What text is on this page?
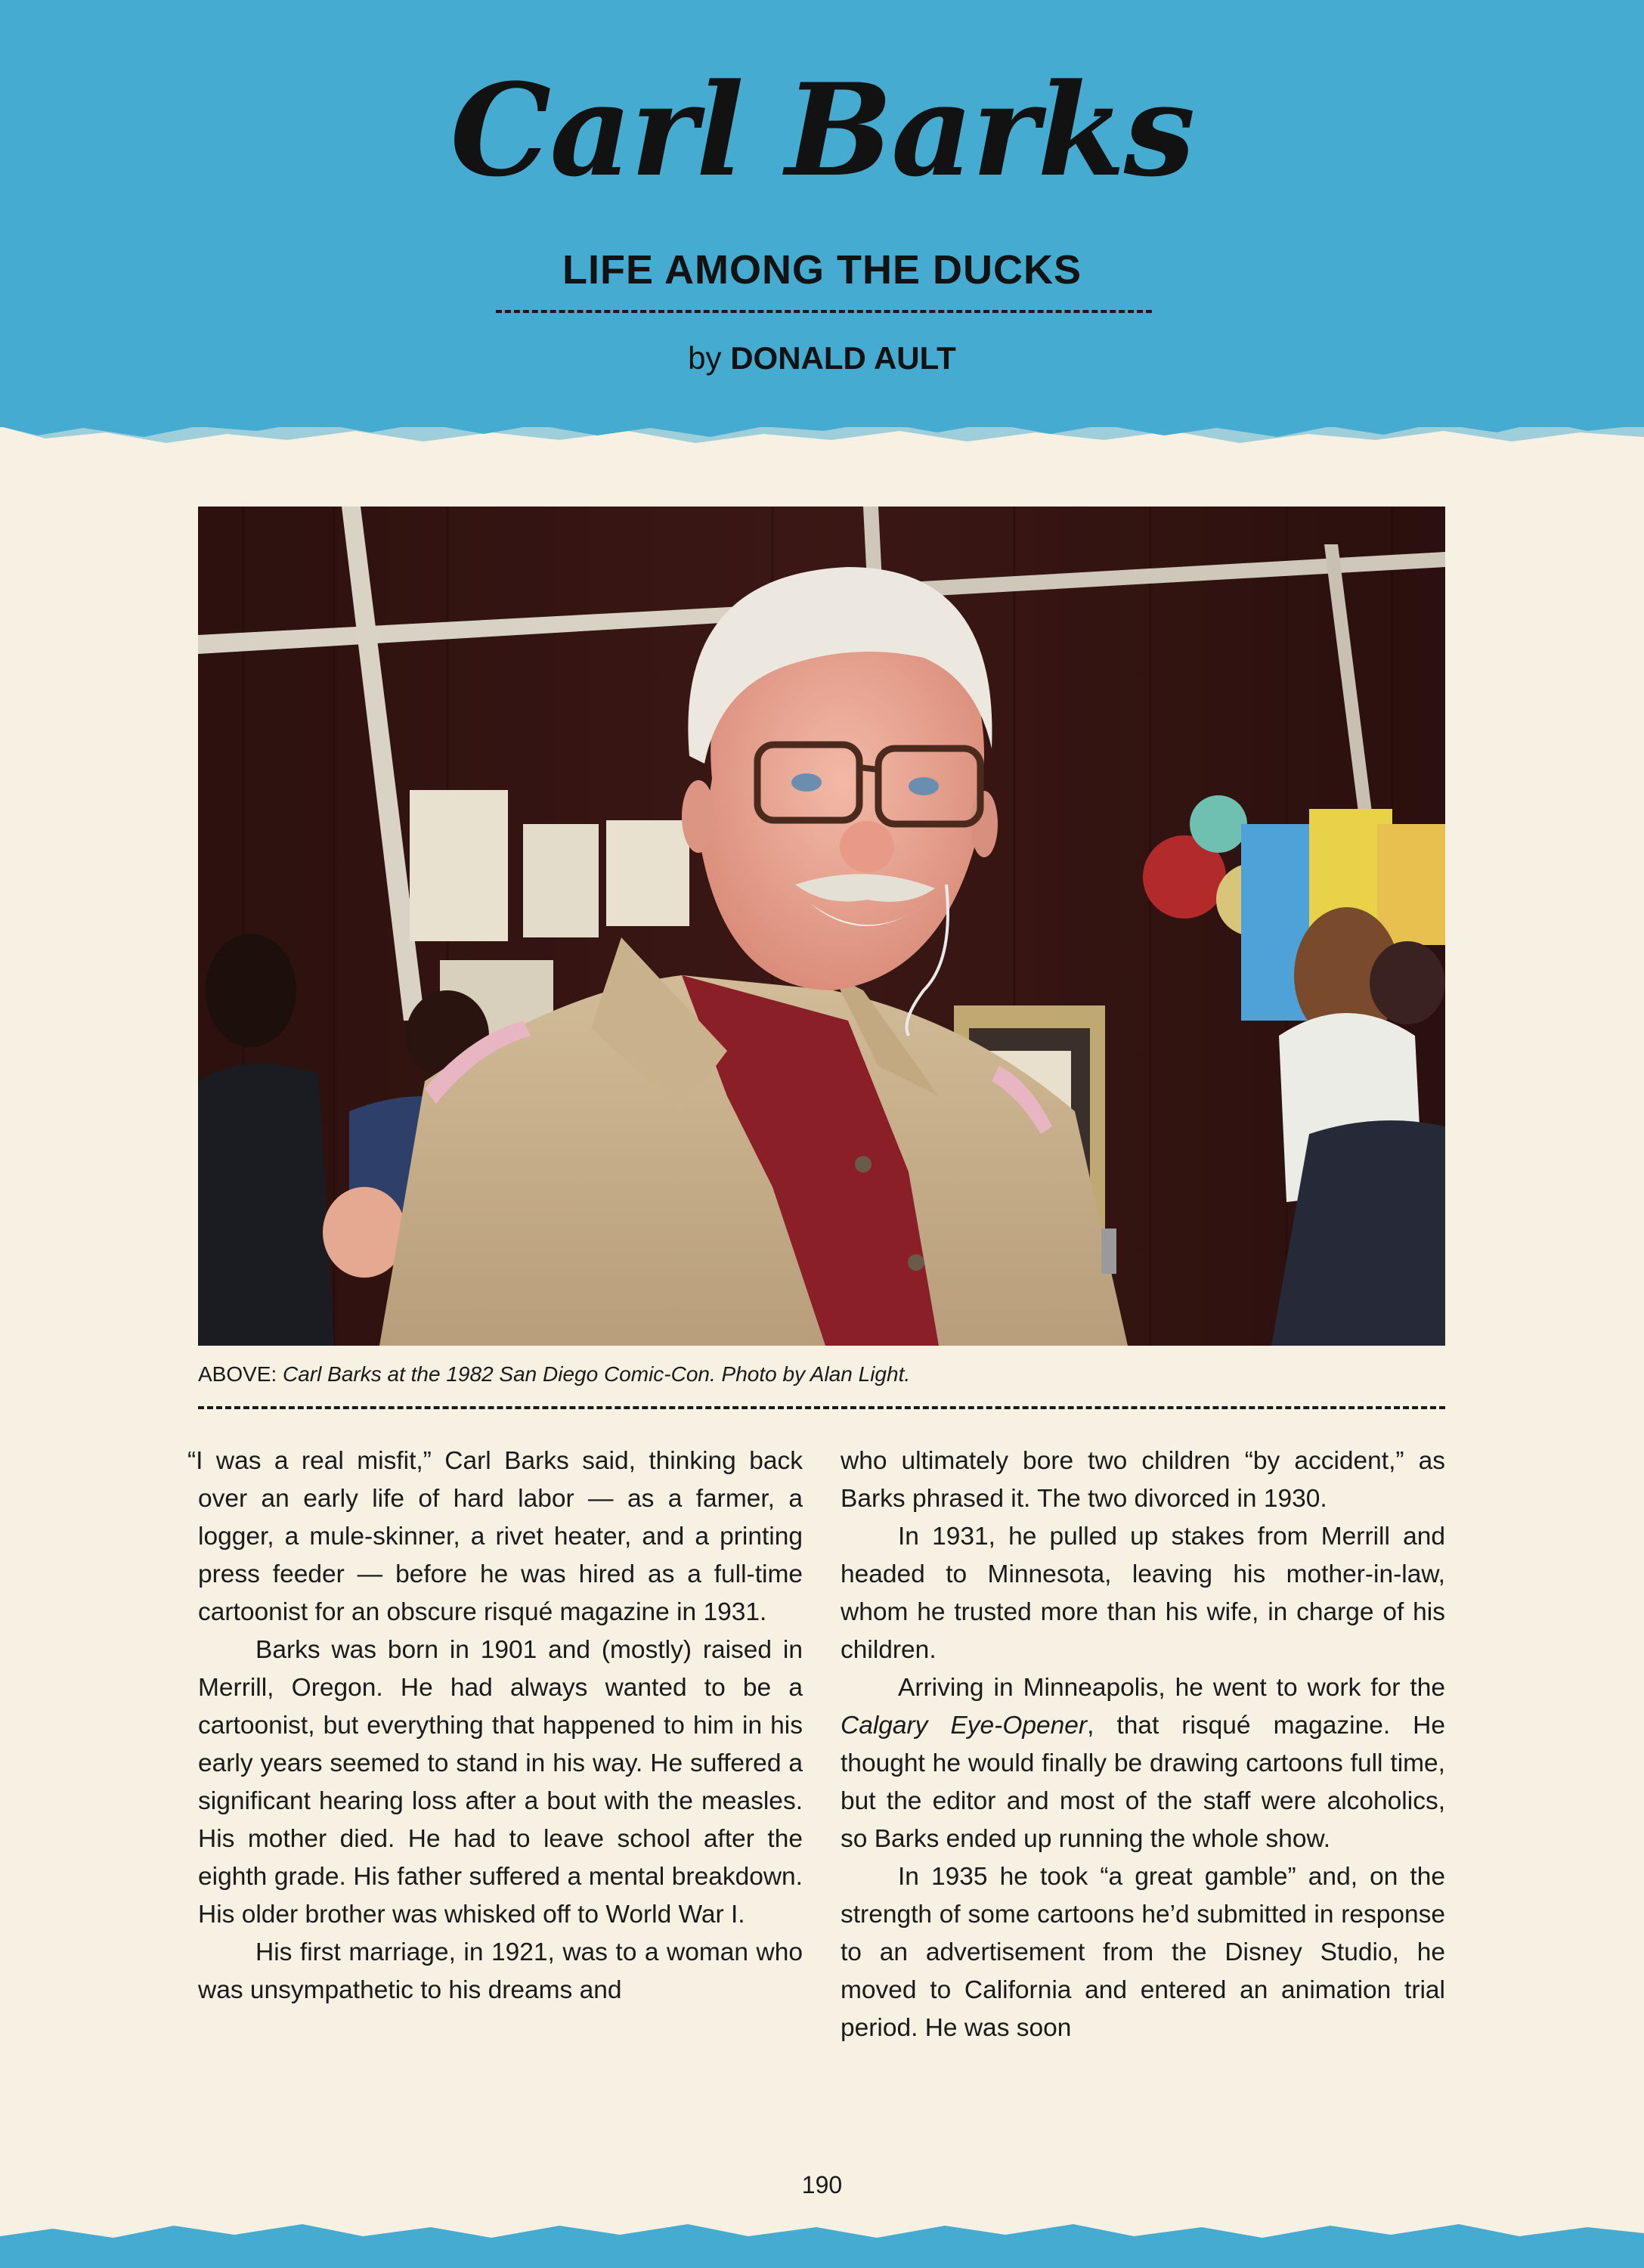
Carl Barks
LIFE AMONG THE DUCKS
by DONALD AULT
ABOVE: Carl Barks at the 1982 San Diego Comic-Con. Photo by Alan Light.

“I was a real misfit,” Carl Barks said, thinking back over an early life of hard labor — as a farmer, a logger, a mule-skinner, a rivet heater, and a printing press feeder — before he was hired as a full-time cartoonist for an obscure risqué magazine in 1931.

Barks was born in 1901 and (mostly) raised in Merrill, Oregon. He had always wanted to be a cartoonist, but everything that happened to him in his early years seemed to stand in his way. He suffered a significant hearing loss after a bout with the measles. His mother died. He had to leave school after the eighth grade. His father suffered a mental breakdown. His older brother was whisked off to World War I.

His first marriage, in 1921, was to a woman who was unsympathetic to his dreams and

who ultimately bore two children “by accident,” as Barks phrased it. The two divorced in 1930.

In 1931, he pulled up stakes from Merrill and headed to Minnesota, leaving his mother-in-law, whom he trusted more than his wife, in charge of his children.

Arriving in Minneapolis, he went to work for the Calgary Eye-Opener, that risqué magazine. He thought he would finally be drawing cartoons full time, but the editor and most of the staff were alcoholics, so Barks ended up running the whole show.

In 1935 he took “a great gamble” and, on the strength of some cartoons he’d submitted in response to an advertisement from the Disney Studio, he moved to California and entered an animation trial period. He was soon

190
